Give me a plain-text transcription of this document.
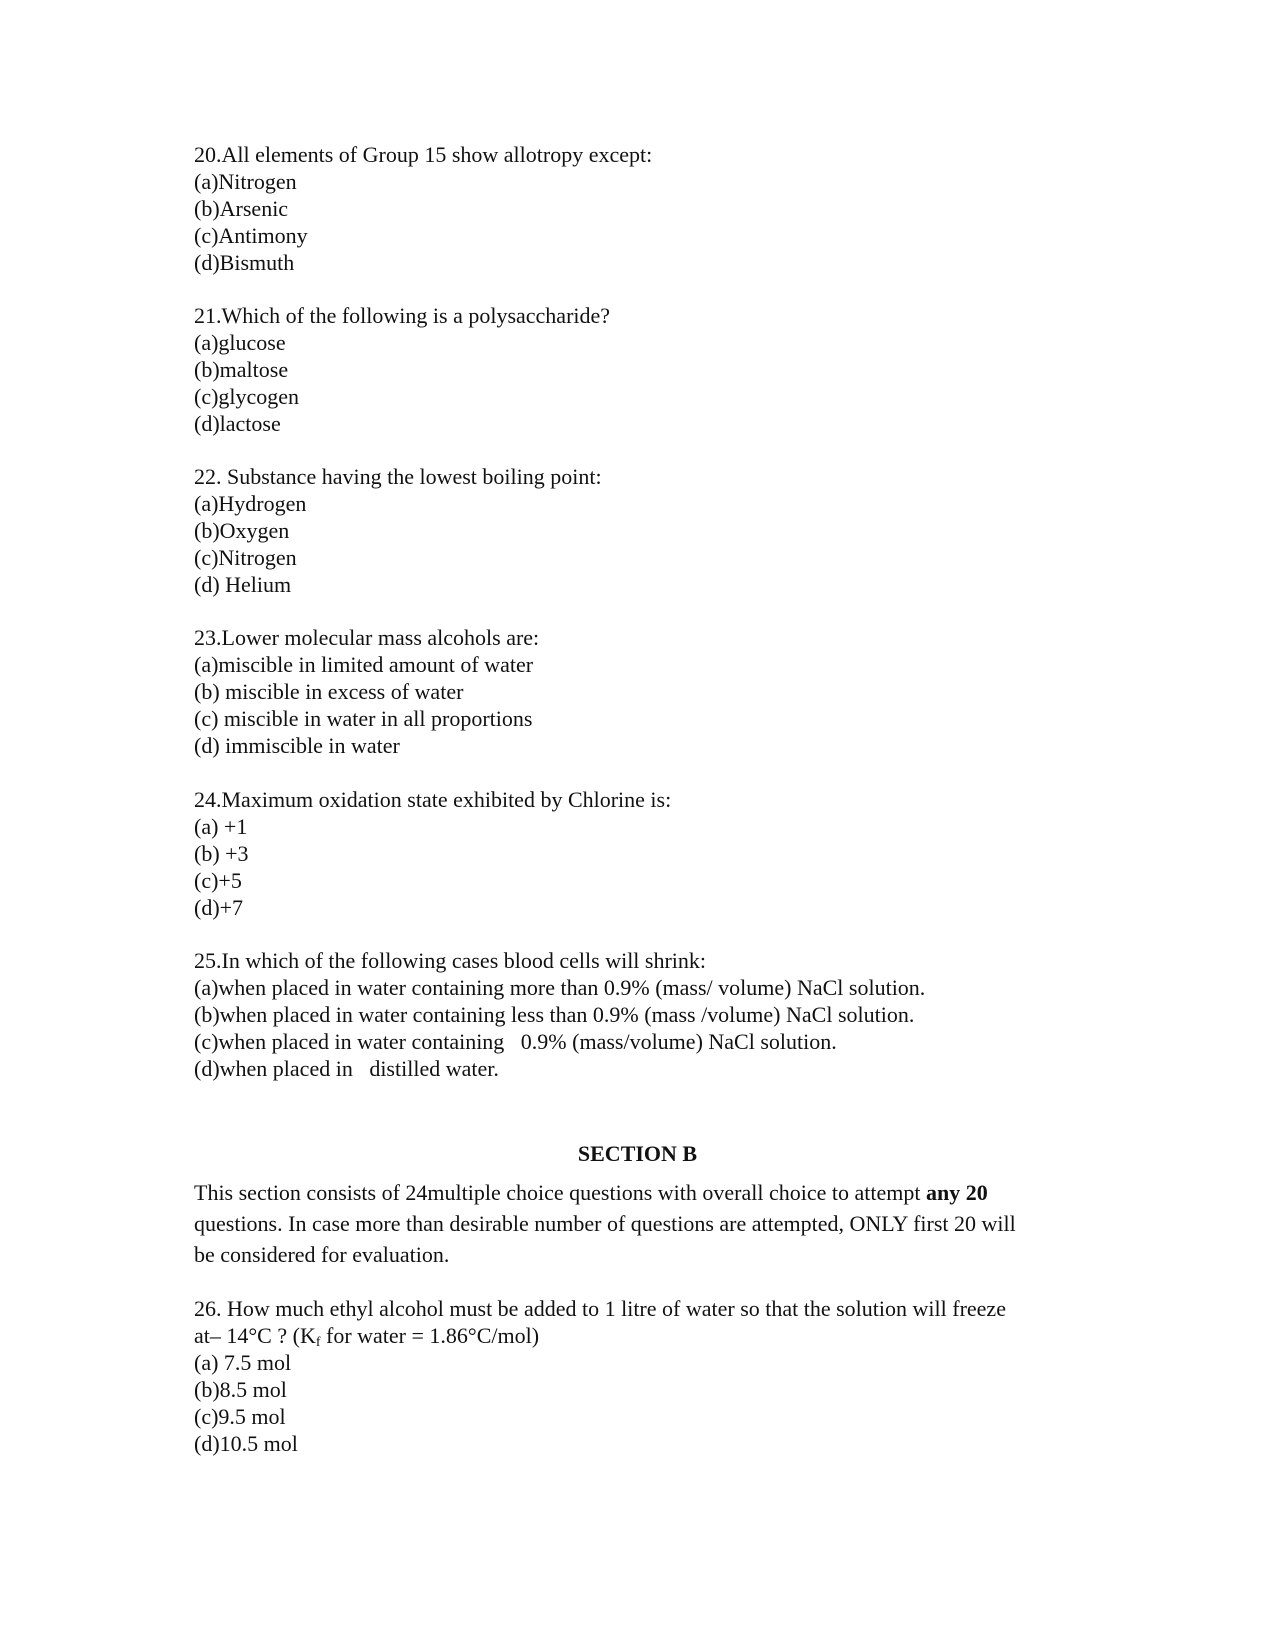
20.All elements of Group 15 show allotropy except:
(a)Nitrogen
(b)Arsenic
(c)Antimony
(d)Bismuth
21.Which of the following is a polysaccharide?
(a)glucose
(b)maltose
(c)glycogen
(d)lactose
22. Substance having the lowest boiling point:
(a)Hydrogen
(b)Oxygen
(c)Nitrogen
(d) Helium
23.Lower molecular mass alcohols are:
(a)miscible in limited amount of water
(b) miscible in excess of water
(c) miscible in water in all proportions
(d) immiscible in water
24.Maximum oxidation state exhibited by Chlorine is:
(a) +1
(b) +3
(c)+5
(d)+7
25.In which of the following cases blood cells will shrink:
(a)when placed in water containing more than 0.9% (mass/ volume) NaCl solution.
(b)when placed in water containing less than 0.9% (mass /volume) NaCl solution.
(c)when placed in water containing   0.9% (mass/volume) NaCl solution.
(d)when placed in   distilled water.
SECTION B
This section consists of 24multiple choice questions with overall choice to attempt any 20
questions. In case more than desirable number of questions are attempted, ONLY first 20 will
be considered for evaluation.
26. How much ethyl alcohol must be added to 1 litre of water so that the solution will freeze
at– 14°C ? ($K_f$ for water = 1.86°C/mol)
(a) 7.5 mol
(b)8.5 mol
(c)9.5 mol
(d)10.5 mol
